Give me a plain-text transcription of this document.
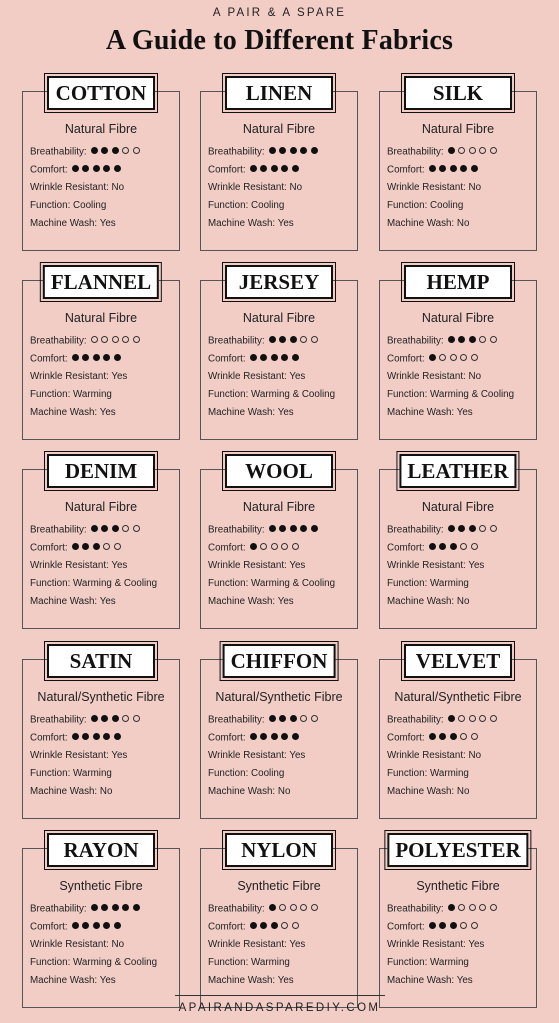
A PAIR & A SPARE
A Guide to Different Fabrics
COTTON
Natural Fibre
Breathability:
Comfort:
Wrinkle Resistant: No
Function: Cooling
Machine Wash: Yes
LINEN
Natural Fibre
Breathability:
Comfort:
Wrinkle Resistant: No
Function: Cooling
Machine Wash: Yes
SILK
Natural Fibre
Breathability:
Comfort:
Wrinkle Resistant: No
Function: Cooling
Machine Wash: No
FLANNEL
Natural Fibre
Breathability:
Comfort:
Wrinkle Resistant: Yes
Function: Warming
Machine Wash: Yes
JERSEY
Natural Fibre
Breathability:
Comfort:
Wrinkle Resistant: Yes
Function: Warming & Cooling
Machine Wash: Yes
HEMP
Natural Fibre
Breathability:
Comfort:
Wrinkle Resistant: No
Function: Warming & Cooling
Machine Wash: Yes
DENIM
Natural Fibre
Breathability:
Comfort:
Wrinkle Resistant: Yes
Function: Warming & Cooling
Machine Wash: Yes
WOOL
Natural Fibre
Breathability:
Comfort:
Wrinkle Resistant: Yes
Function: Warming & Cooling
Machine Wash: Yes
LEATHER
Natural Fibre
Breathability:
Comfort:
Wrinkle Resistant: Yes
Function: Warming
Machine Wash: No
SATIN
Natural/Synthetic Fibre
Breathability:
Comfort:
Wrinkle Resistant: Yes
Function: Warming
Machine Wash: No
CHIFFON
Natural/Synthetic Fibre
Breathability:
Comfort:
Wrinkle Resistant: Yes
Function: Cooling
Machine Wash: No
VELVET
Natural/Synthetic Fibre
Breathability:
Comfort:
Wrinkle Resistant: No
Function: Warming
Machine Wash: No
RAYON
Synthetic Fibre
Breathability:
Comfort:
Wrinkle Resistant: No
Function: Warming & Cooling
Machine Wash: Yes
NYLON
Synthetic Fibre
Breathability:
Comfort:
Wrinkle Resistant: Yes
Function: Warming
Machine Wash: Yes
POLYESTER
Synthetic Fibre
Breathability:
Comfort:
Wrinkle Resistant: Yes
Function: Warming
Machine Wash: Yes
APAIRANDASPAREDIY.COM
